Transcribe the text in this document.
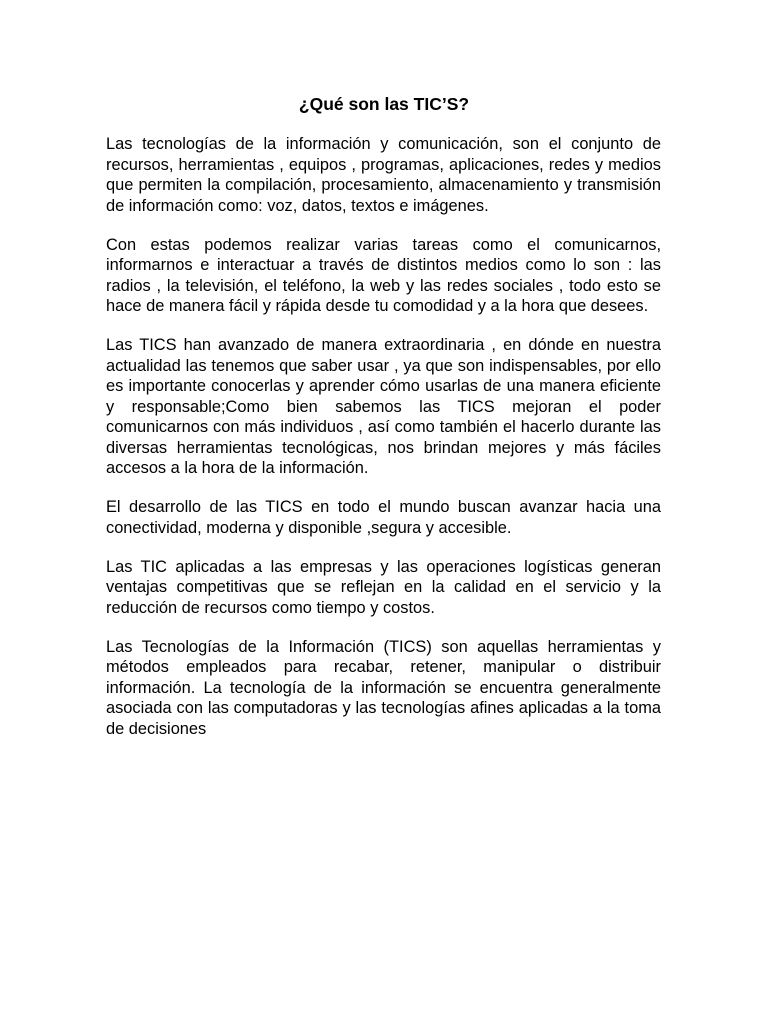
¿Qué son las TIC’S?

Las tecnologías de la información y comunicación, son el conjunto de recursos, herramientas , equipos , programas, aplicaciones, redes y medios que permiten la compilación, procesamiento, almacenamiento y transmisión de información como: voz, datos, textos e imágenes.

Con estas podemos realizar varias tareas como el comunicarnos, informarnos e interactuar a través de distintos medios como lo son : las radios , la televisión, el teléfono, la web y las redes sociales , todo esto se hace de manera fácil y rápida desde tu comodidad y a la hora que desees.

Las TICS han avanzado de manera extraordinaria , en dónde en nuestra actualidad las tenemos que saber usar , ya que son indispensables, por ello es importante conocerlas y aprender cómo usarlas de una manera eficiente y responsable;Como bien sabemos las TICS mejoran el poder comunicarnos con más individuos , así como también el hacerlo durante las diversas herramientas tecnológicas, nos brindan mejores y más fáciles accesos a la hora de la información.

El desarrollo de las TICS en todo el mundo buscan avanzar hacia una conectividad, moderna y disponible ,segura y accesible.

Las TIC aplicadas a las empresas y las operaciones logísticas generan ventajas competitivas que se reflejan en la calidad en el servicio y la reducción de recursos como tiempo y costos.

Las Tecnologías de la Información (TICS) son aquellas herramientas y métodos empleados para recabar, retener, manipular o distribuir información. La tecnología de la información se encuentra generalmente asociada con las computadoras y las tecnologías afines aplicadas a la toma de decisiones
